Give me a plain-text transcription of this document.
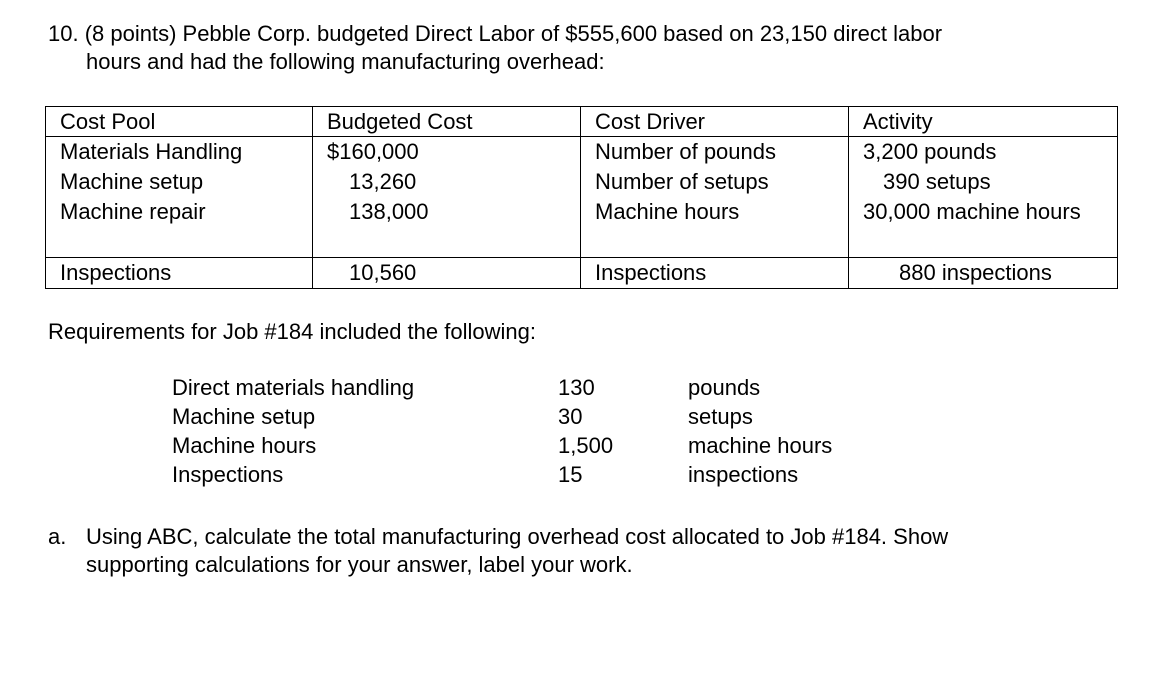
10. (8 points) Pebble Corp. budgeted Direct Labor of $555,600 based on 23,150 direct labor
hours and had the following manufacturing overhead:
Cost Pool	Budgeted Cost	Cost Driver	Activity
Materials Handling	$160,000	Number of pounds	3,200 pounds
Machine setup	13,260	Number of setups	390 setups
Machine repair	138,000	Machine hours	30,000 machine hours
Inspections	10,560	Inspections	880 inspections
Requirements for Job #184 included the following:
Direct materials handling	130	pounds
Machine setup	30	setups
Machine hours	1,500	machine hours
Inspections	15	inspections
a. Using ABC, calculate the total manufacturing overhead cost allocated to Job #184. Show
supporting calculations for your answer, label your work.
